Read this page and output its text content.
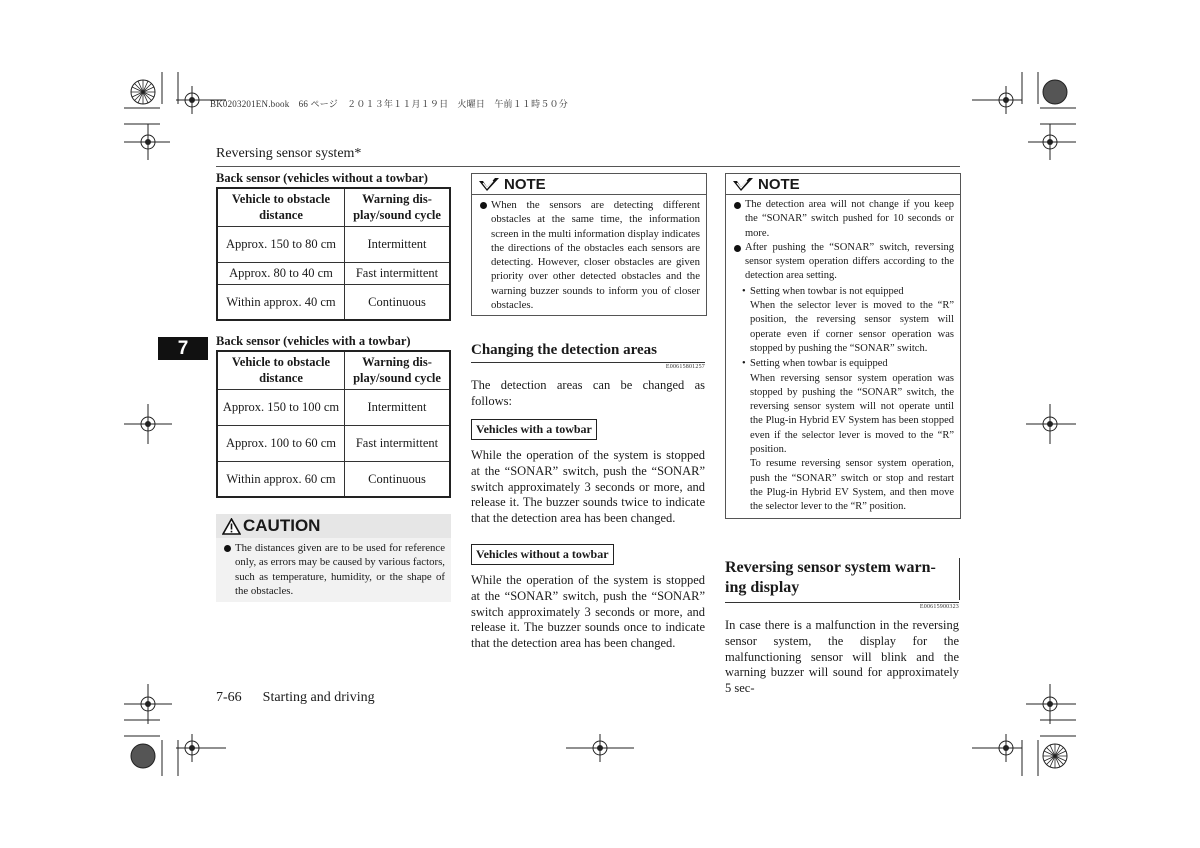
BK0203201EN.book　66 ページ　２０１３年１１月１９日　火曜日　午前１１時５０分
Reversing sensor system*
7
Back sensor (vehicles without a towbar)
Vehicle to obstacle distance	Warning dis-play/sound cycle
Approx. 150 to 80 cm	Intermittent
Approx. 80 to 40 cm	Fast intermittent
Within approx. 40 cm	Continuous
Back sensor (vehicles with a towbar)
Vehicle to obstacle distance	Warning dis-play/sound cycle
Approx. 150 to 100 cm	Intermittent
Approx. 100 to 60 cm	Fast intermittent
Within approx. 60 cm	Continuous
CAUTION
The distances given are to be used for reference only, as errors may be caused by various factors, such as temperature, humidity, or the shape of the obstacles.
NOTE
When the sensors are detecting different obstacles at the same time, the information screen in the multi information display indicates the directions of the obstacles each sensors are detecting. However, closer obstacles are given priority over other detected obstacles and the warning buzzer sounds to inform you of closer obstacles.
Changing the detection areas
E00615801257
The detection areas can be changed as follows:
Vehicles with a towbar
While the operation of the system is stopped at the “SONAR” switch, push the “SONAR” switch approximately 3 seconds or more, and release it. The buzzer sounds twice to indicate that the detection area has been changed.
Vehicles without a towbar
While the operation of the system is stopped at the “SONAR” switch, push the “SONAR” switch approximately 3 seconds or more, and release it. The buzzer sounds once to indicate that the detection area has been changed.
NOTE
The detection area will not change if you keep the “SONAR” switch pushed for 10 seconds or more.
After pushing the “SONAR” switch, reversing sensor system operation differs according to the detection area setting.
• Setting when towbar is not equipped
When the selector lever is moved to the “R” position, the reversing sensor system will operate even if corner sensor operation was stopped by pushing the “SONAR” switch.
• Setting when towbar is equipped
When reversing sensor system operation was stopped by pushing the “SONAR” switch, the reversing sensor system will not operate until the Plug-in Hybrid EV System has been stopped even if the selector lever is moved to the “R” position.
To resume reversing sensor system operation, push the “SONAR” switch or stop and restart the Plug-in Hybrid EV System, and then move the selector lever to the “R” position.
Reversing sensor system warn-
ing display
E00615900323
In case there is a malfunction in the reversing sensor system, the display for the malfunctioning sensor will blink and the warning buzzer will sound for approximately 5 sec-
7-66 Starting and driving
